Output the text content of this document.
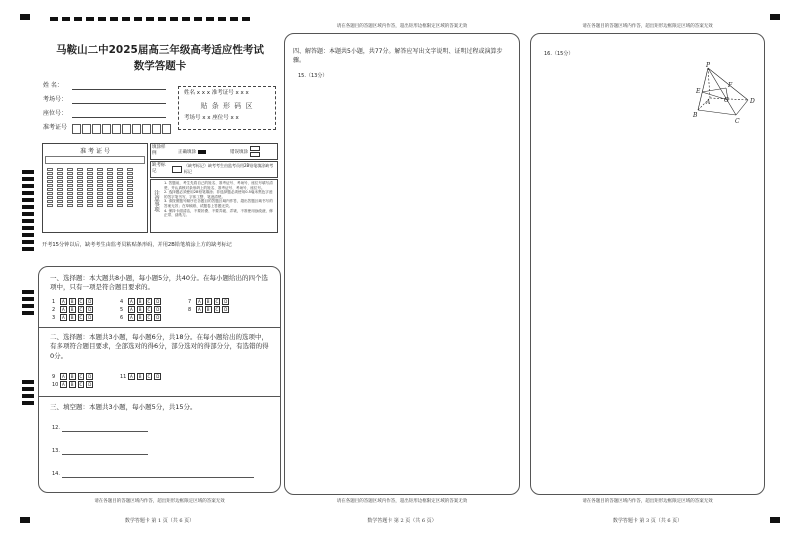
马鞍山二中2025届高三年级高考适应性考试
数学答题卡
姓 名：
考场号：
座位号：
准考证号
姓名 x x x 准考证号 x x x
贴 条 形 码 区
考场号 x x 座位号 x x
准 考 证 号
填涂样例	正确填涂	错误填涂
缺考标记
（缺考标记）缺考考生由监考员用2B铅笔填涂缺考标记
注意事项
1. 答题前，考生先将自己的姓名、准考证号、考场号、座位号填写清楚，并认真核对条形码上的姓名、准考证号、考场号、座位号。
2. 选择题必须使用2B铅笔填涂；非选择题必须使用0.5毫米黑色字迹的签字笔书写，字体工整、笔迹清楚。
3. 请按照题号顺序在各题目的答题区域内作答，超出答题区域书写的答案无效；在草稿纸、试题卷上答题无效。
4. 保持卡面清洁，不要折叠、不要弄破、弄皱，不准使用涂改液、修正带、刮纸刀。
开考15分钟以后，缺考考生由监考员粘贴条形码，并用2B铅笔填涂上方的缺考标记
一、选择题：本大题共8小题，每小题5分，共40分。在每小题给出的四个选项中，只有一项是符合题目要求的。
1	A	B	C	D
2	A	B	C	D
3	A	B	C	D
4	A	B	C	D
5	A	B	C	D
6	A	B	C	D
7	A	B	C	D
8	A	B	C	D
二、选择题：本题共3小题，每小题6分，共18分。在每小题给出的选项中，有多项符合题目要求，全部选对的得6分，部分选对的得部分分，有选错的得0分。
9	A	B	C	D
10 A	B	C	D
11 A	B	C	D
三、填空题：本题共3小题，每小题5分，共15分。
12.
13.
14.
请在各题目的答题区域内作答，超出矩形边框限定区域的答案无效
数学答题卡 第 1 页（共 6 页）
请在各题目的答题区域内作答，超出矩形边框限定区域的答案无效
四、解答题：本题共5小题，共77分。解答应写出文字说明、证明过程或演算步骤。
15.（13分）
请在各题目的答题区域内作答，超出矩形边框限定区域的答案无效
数学答题卡 第 2 页（共 6 页）
请在各题目的答题区域内作答，超出矩形边框限定区域的答案无效
16.（15分）
P
F
E
G
A	D
B
C
请在各题目的答题区域内作答，超出矩形边框限定区域的答案无效
数学答题卡 第 3 页（共 6 页）
